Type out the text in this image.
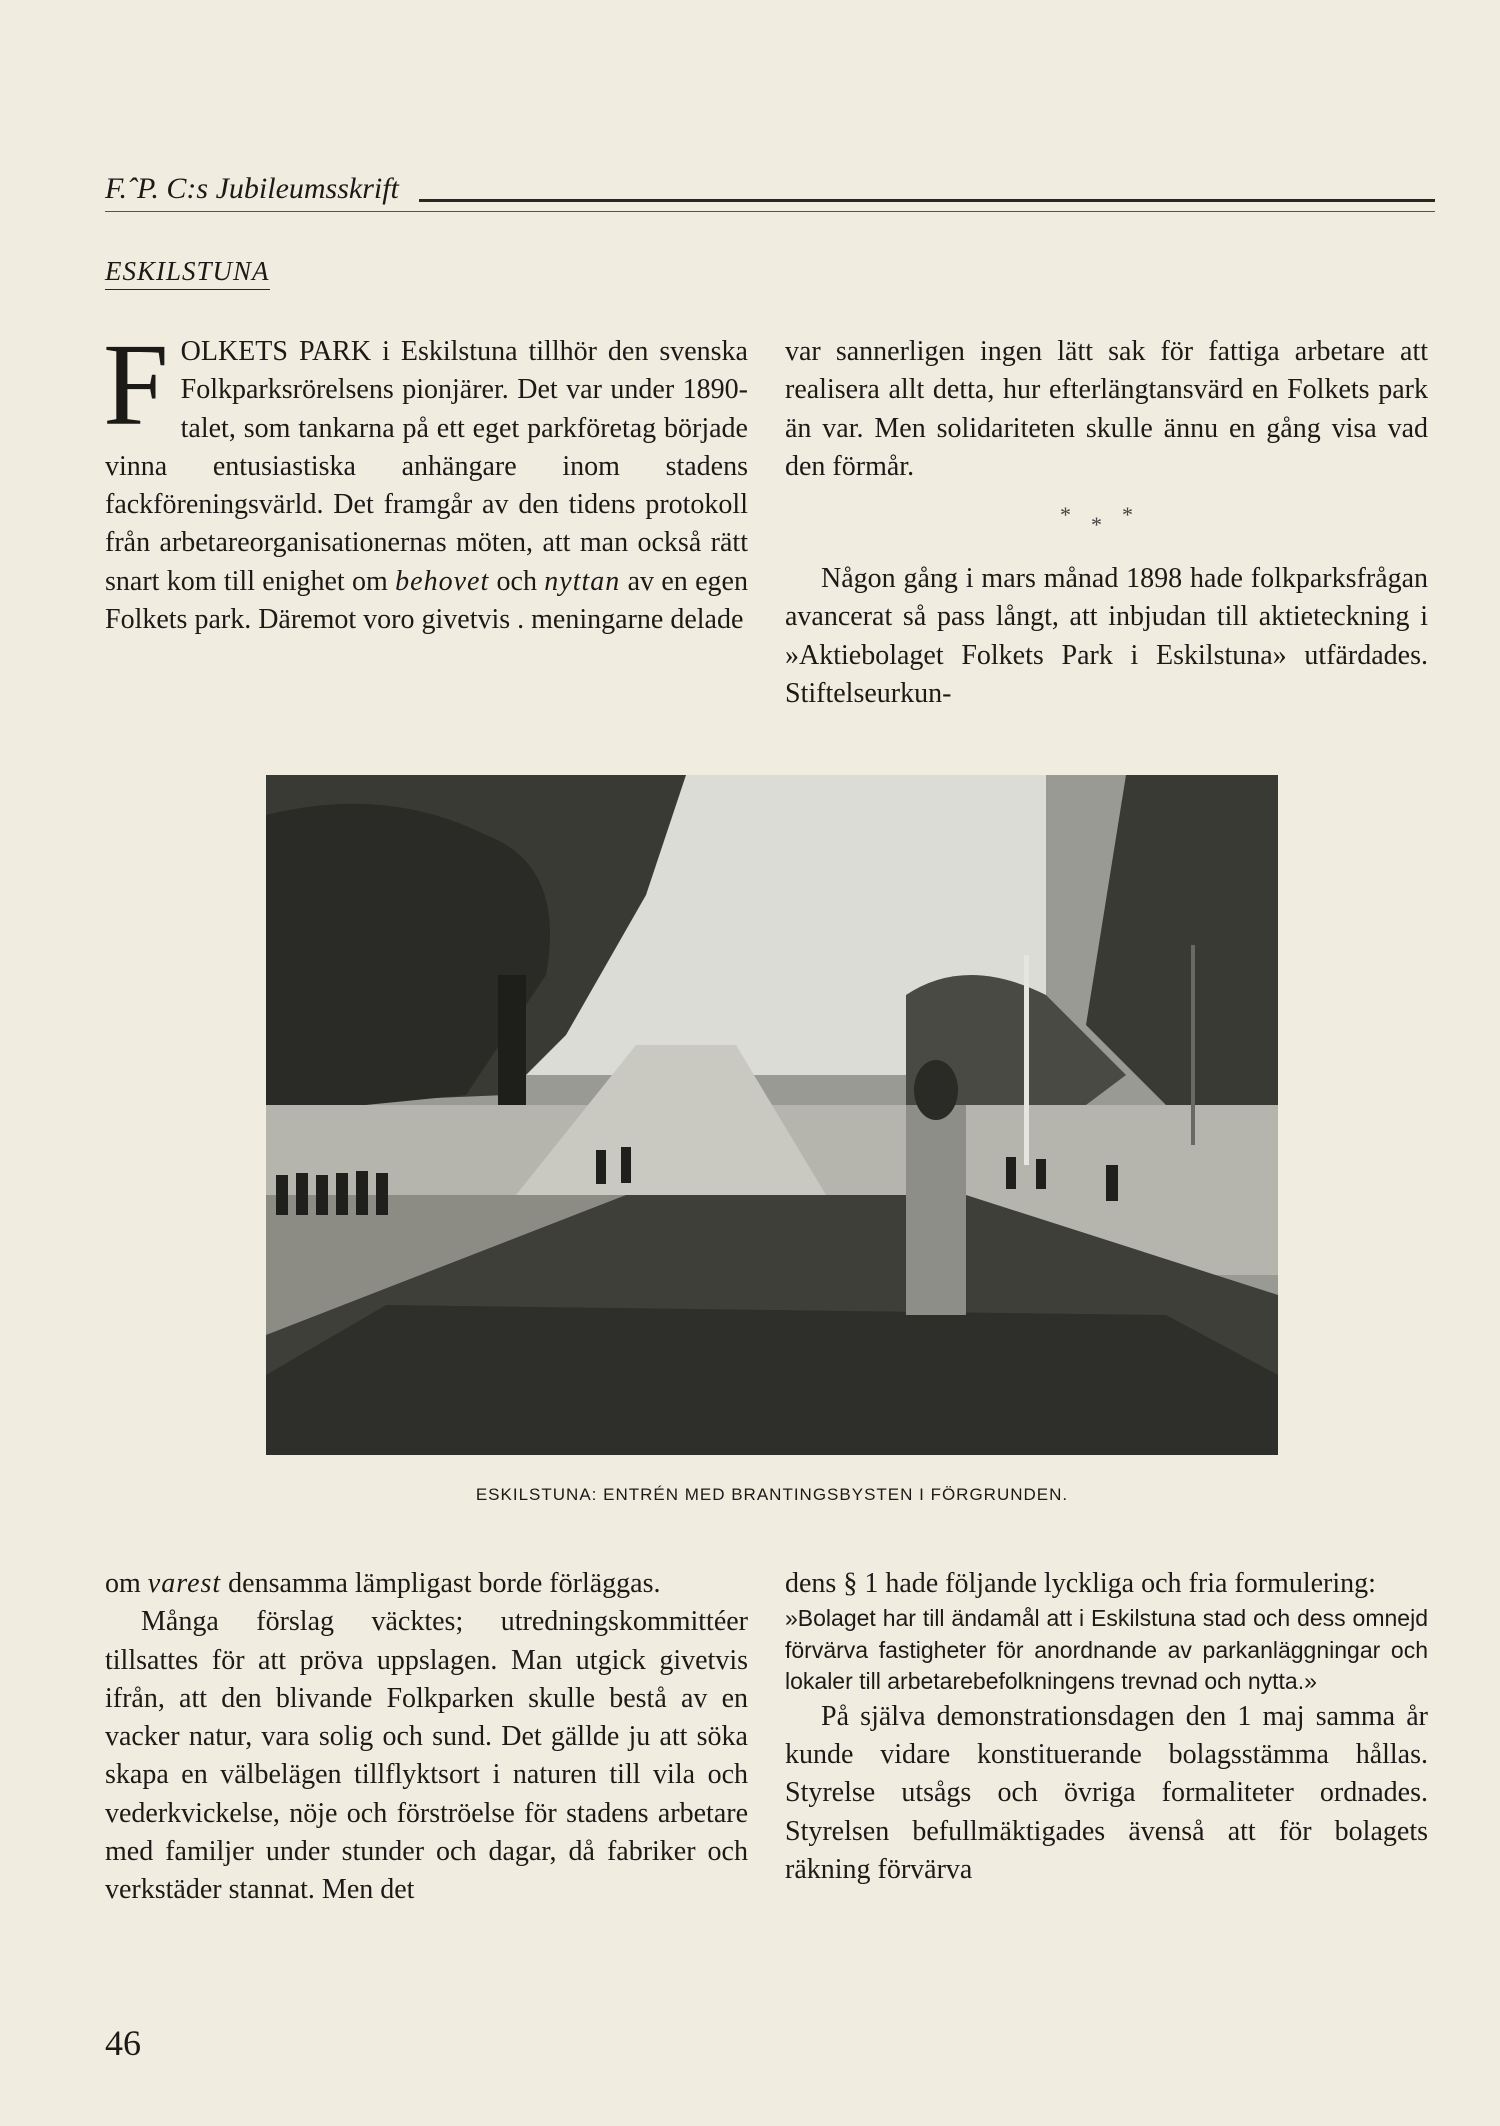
F.ˆP. C:s Jubileumsskrift
ESKILSTUNA

FOLKETS PARK i Eskilstuna tillhör den svenska Folkparksrörelsens pionjärer. Det var under 1890-talet, som tankarna på ett eget parkföretag började vinna entusiastiska anhängare inom stadens fackföreningsvärld. Det framgår av den tidens protokoll från arbetareorganisationernas möten, att man också rätt snart kom till enighet om behovet och nyttan av en egen Folkets park. Däremot voro givetvis . meningarne delade

var sannerligen ingen lätt sak för fattiga arbetare att realisera allt detta, hur efterlängtansvärd en Folkets park än var. Men solidariteten skulle ännu en gång visa vad den förmår.

***

Någon gång i mars månad 1898 hade folkparksfrågan avancerat så pass långt, att inbjudan till aktieteckning i »Aktiebolaget Folkets Park i Eskilstuna» utfärdades. Stiftelseurkun-

ESKILSTUNA: ENTRÉN MED BRANTINGSBYSTEN I FÖRGRUNDEN.

om varest densamma lämpligast borde förläggas.

Många förslag väcktes; utredningskommittéer tillsattes för att pröva uppslagen. Man utgick givetvis ifrån, att den blivande Folkparken skulle bestå av en vacker natur, vara solig och sund. Det gällde ju att söka skapa en välbelägen tillflyktsort i naturen till vila och vederkvickelse, nöje och förströelse för stadens arbetare med familjer under stunder och dagar, då fabriker och verkstäder stannat. Men det

dens § 1 hade följande lyckliga och fria formulering:

»Bolaget har till ändamål att i Eskilstuna stad och dess omnejd förvärva fastigheter för anordnande av parkanläggningar och lokaler till arbetarebefolkningens trevnad och nytta.»

På själva demonstrationsdagen den 1 maj samma år kunde vidare konstituerande bolagsstämma hållas. Styrelse utsågs och övriga formaliteter ordnades. Styrelsen befullmäktigades ävenså att för bolagets räkning förvärva

46
